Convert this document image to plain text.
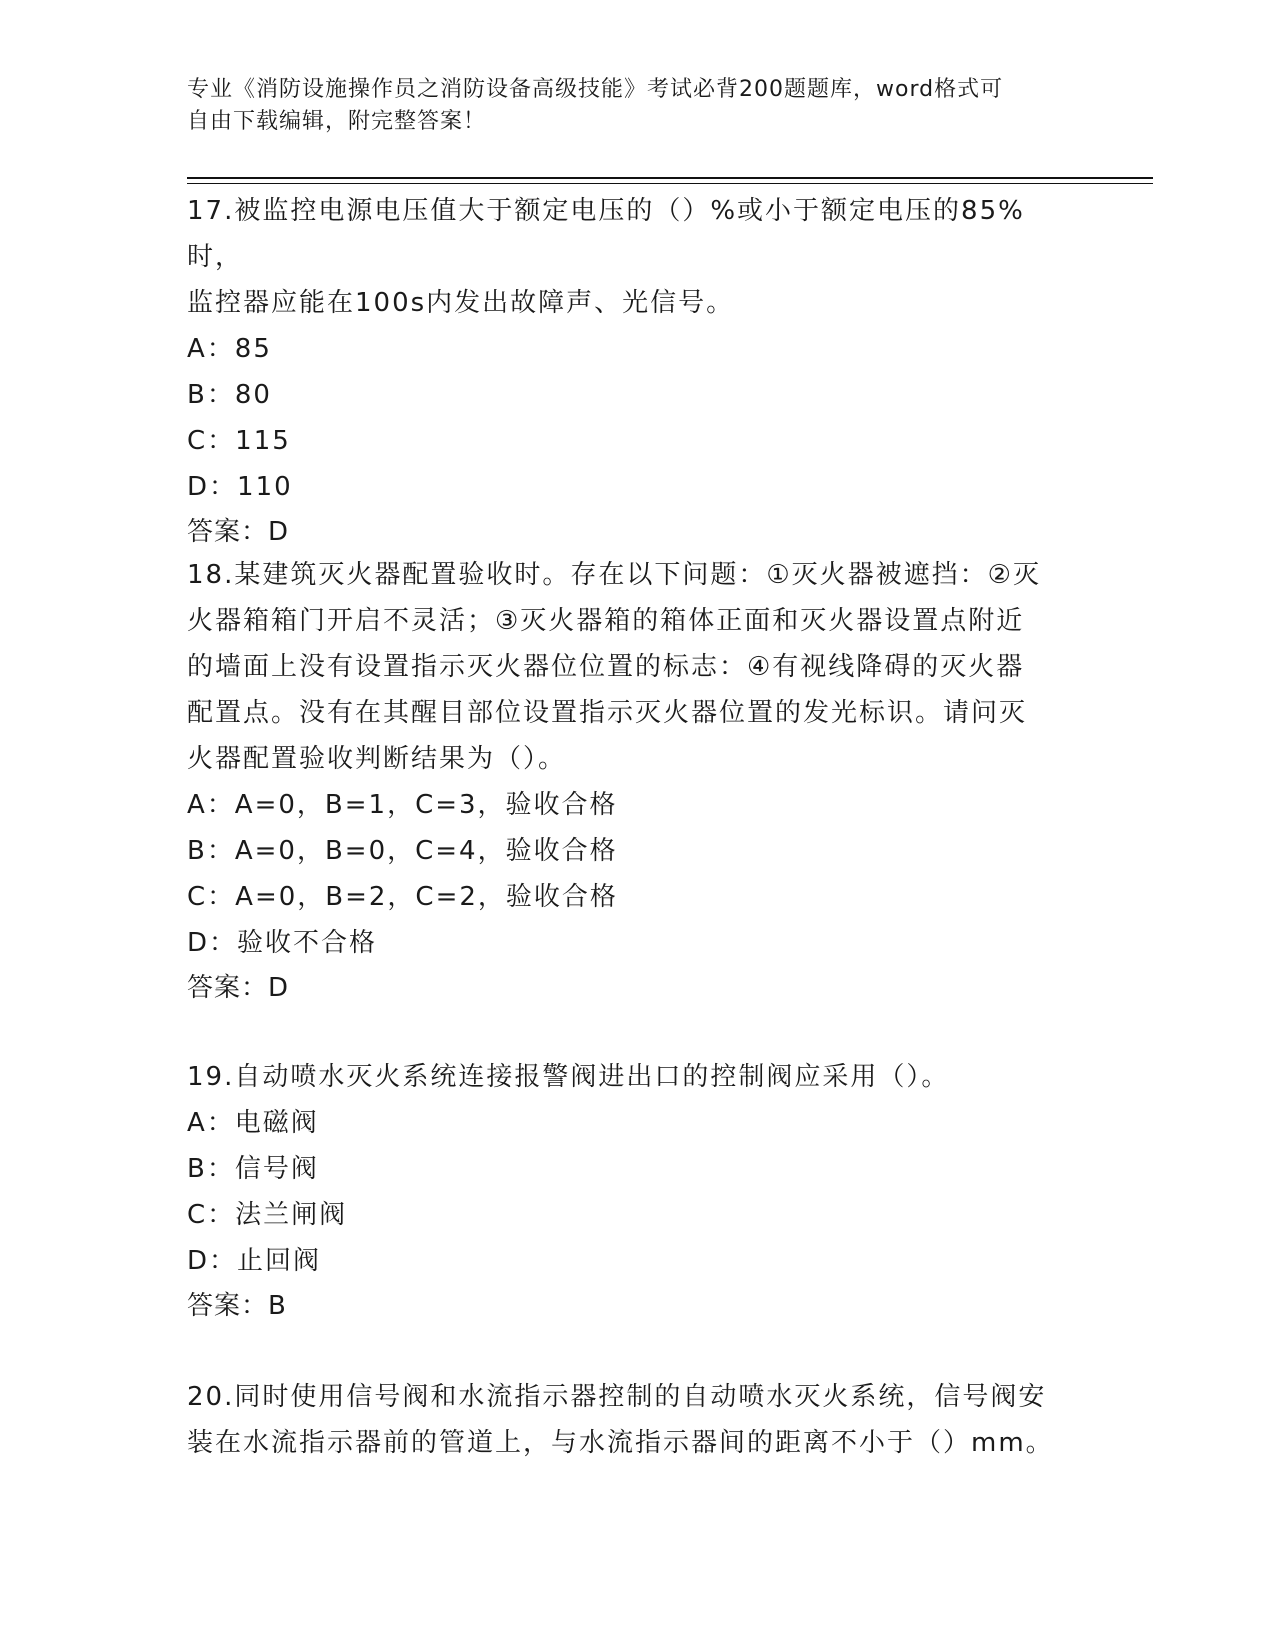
专业《消防设施操作员之消防设备高级技能》考试必背200题题库，word格式可
自由下载编辑，附完整答案！
17.被监控电源电压值大于额定电压的（）%或小于额定电压的85%时，
监控器应能在100s内发出故障声、光信号。
A：85
B：80
C：115
D：110
答案：D
18.某建筑灭火器配置验收时。存在以下问题：①灭火器被遮挡：②灭
火器箱箱门开启不灵活；③灭火器箱的箱体正面和灭火器设置点附近
的墙面上没有设置指示灭火器位位置的标志：④有视线降碍的灭火器
配置点。没有在其醒目部位设置指示灭火器位置的发光标识。请问灭
火器配置验收判断结果为（）。
A：A=0，B=1，C=3，验收合格
B：A=0，B=0，C=4，验收合格
C：A=0，B=2，C=2，验收合格
D：验收不合格
答案：D
19.自动喷水灭火系统连接报警阀进出口的控制阀应采用（）。
A：电磁阀
B：信号阀
C：法兰闸阀
D：止回阀
答案：B
20.同时使用信号阀和水流指示器控制的自动喷水灭火系统，信号阀安
装在水流指示器前的管道上，与水流指示器间的距离不小于（）mm。
